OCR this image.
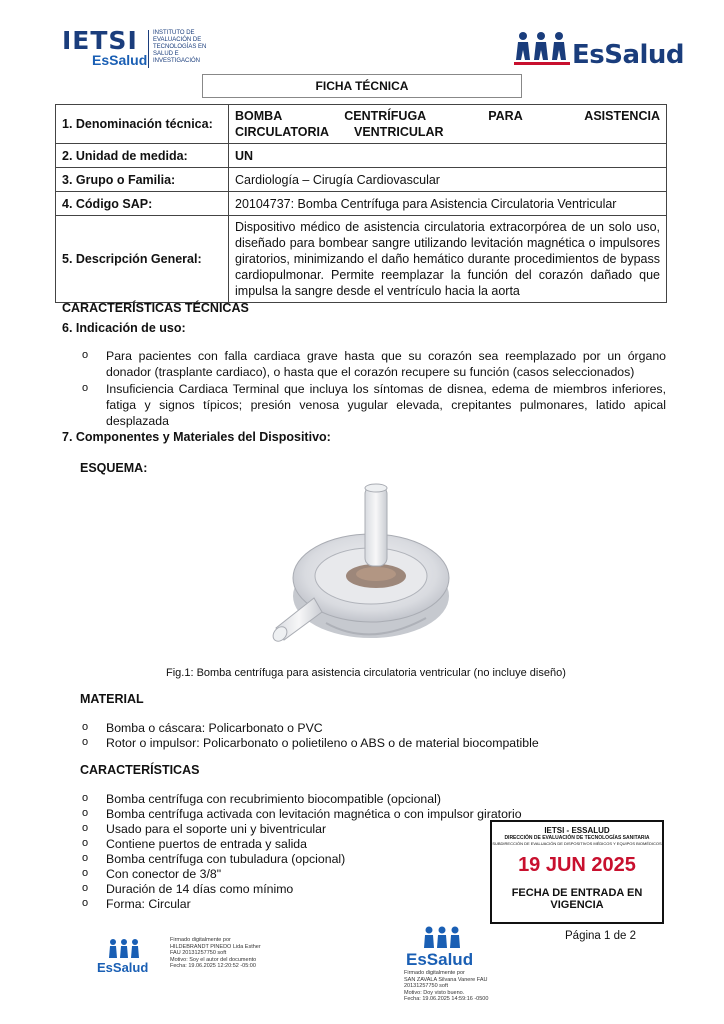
IETSI
EsSalud
INSTITUTO DE EVALUACIÓN DE TECNOLOGÍAS EN SALUD E INVESTIGACIÓN	EsSalud
FICHA TÉCNICA
1. Denominación técnica:	BOMBA CENTRÍFUGA PARA ASISTENCIA CIRCULATORIA VENTRICULAR
2. Unidad de medida:	UN
3. Grupo o Familia:	Cardiología – Cirugía Cardiovascular
4. Código SAP:	20104737: Bomba Centrífuga para Asistencia Circulatoria Ventricular
5. Descripción General:	Dispositivo médico de asistencia circulatoria extracorpórea de un solo uso, diseñado para bombear sangre utilizando levitación magnética o impulsores giratorios, minimizando el daño hemático durante procedimientos de bypass cardiopulmonar. Permite reemplazar la función del corazón dañado que impulsa la sangre desde el ventrículo hacia la aorta
CARACTERÍSTICAS TÉCNICAS
6. Indicación de uso:
o Para pacientes con falla cardiaca grave hasta que su corazón sea reemplazado por un órgano donador (trasplante cardiaco), o hasta que el corazón recupere su función (casos seleccionados)
o Insuficiencia Cardiaca Terminal que incluya los síntomas de disnea, edema de miembros inferiores, fatiga y signos típicos; presión venosa yugular elevada, crepitantes pulmonares, latido apical desplazada
7. Componentes y Materiales del Dispositivo:
ESQUEMA:
Fig.1: Bomba centrífuga para asistencia circulatoria ventricular (no incluye diseño)
MATERIAL
o Bomba o cáscara: Policarbonato o PVC
o Rotor o impulsor: Policarbonato o polietileno o ABS o de material biocompatible
CARACTERÍSTICAS
o Bomba centrífuga con recubrimiento biocompatible (opcional)
o Bomba centrífuga activada con levitación magnética o con impulsor giratorio
o Usado para el soporte uni y biventricular
o Contiene puertos de entrada y salida
o Bomba centrífuga con tubuladura (opcional)
o Con conector de 3/8"
o Duración de 14 días como mínimo
o Forma: Circular
IETSI - ESSALUD
DIRECCIÓN DE EVALUACIÓN DE TECNOLOGÍAS SANITARIA
SUBDIRECCIÓN DE EVALUACIÓN DE DISPOSITIVOS MÉDICOS Y EQUIPOS BIOMÉDICOS
19 JUN 2025
FECHA DE ENTRADA EN VIGENCIA
EsSalud
Firmado digitalmente por
HILDEBRANDT PINEDO Lida Esther
FAU 20131257750 soft
Motivo: Soy el autor del documento
Fecha: 19.06.2025 12:20:52 -05:00	EsSalud
Firmado digitalmente por
SAN ZAVALA Silvana Vanere FAU
20131257750 soft
Motivo: Doy visto bueno.
Fecha: 19.06.2025 14:59:16 -0500
Página 1 de 2
